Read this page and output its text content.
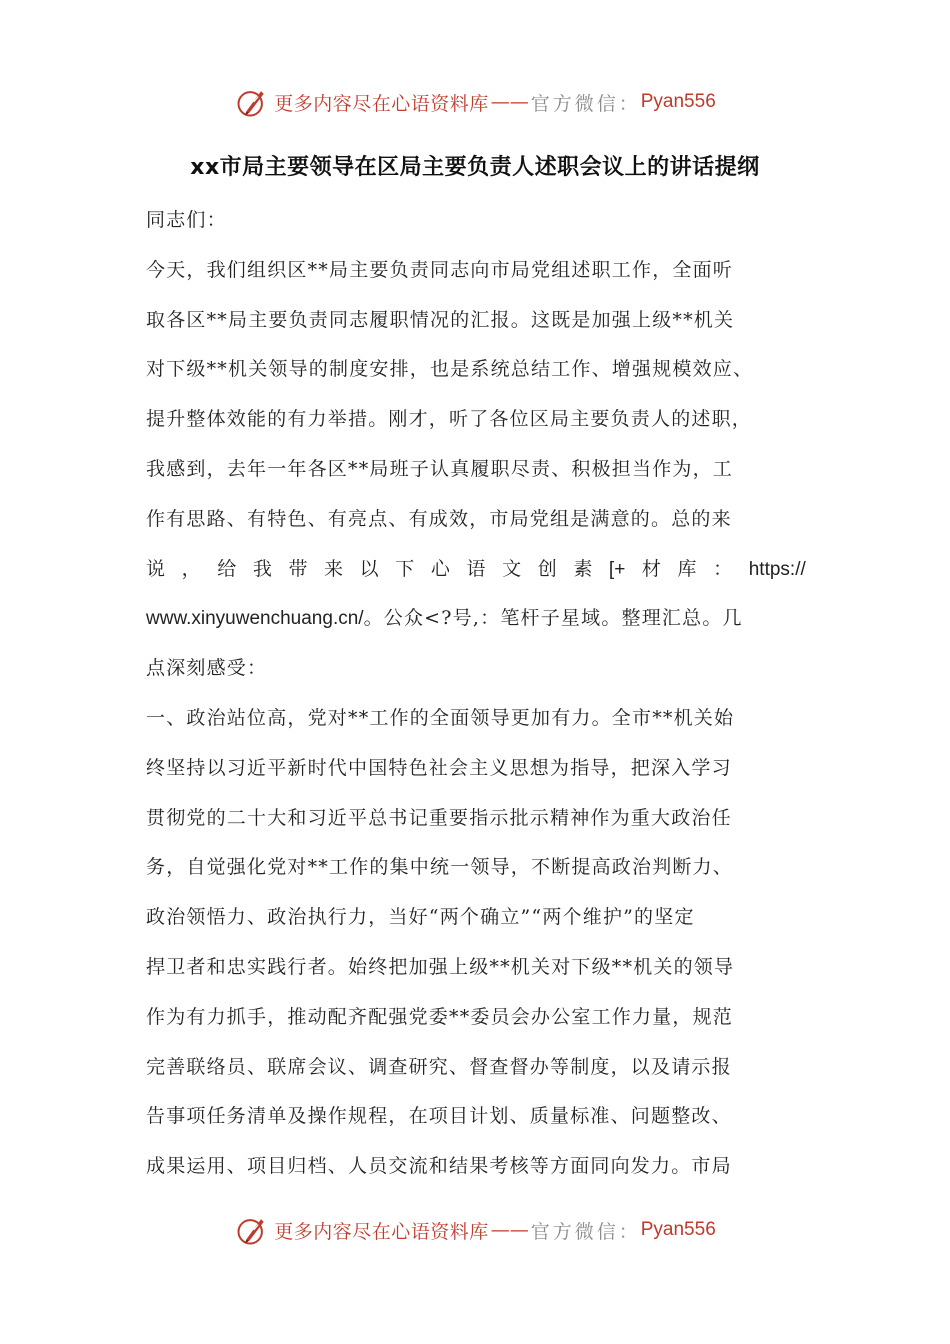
更多内容尽在心语资料库 —— 官方微信： Pyan556
xx市局主要领导在区局主要负责人述职会议上的讲话提纲
同志们：
今天，我们组织区**局主要负责同志向市局党组述职工作，全面听
取各区**局主要负责同志履职情况的汇报。这既是加强上级**机关
对下级**机关领导的制度安排，也是系统总结工作、增强规模效应、
提升整体效能的有力举措。刚才，听了各位区局主要负责人的述职，
我感到，去年一年各区**局班子认真履职尽责、积极担当作为，工
作有思路、有特色、有亮点、有成效，市局党组是满意的。总的来
说 ， 给 我 带 来 以 下 心 语 文 创 素 [+ 材 库 ： https://
www.xinyuwenchuang.cn/。公众<?号,：笔杆子星域。整理汇总。几
点深刻感受：
一、政治站位高，党对**工作的全面领导更加有力。全市**机关始
终坚持以习近平新时代中国特色社会主义思想为指导，把深入学习
贯彻党的二十大和习近平总书记重要指示批示精神作为重大政治任
务，自觉强化党对**工作的集中统一领导，不断提高政治判断力、
政治领悟力、政治执行力，当好“两个确立”“两个维护”的坚定
捍卫者和忠实践行者。始终把加强上级**机关对下级**机关的领导
作为有力抓手，推动配齐配强党委**委员会办公室工作力量，规范
完善联络员、联席会议、调查研究、督查督办等制度，以及请示报
告事项任务清单及操作规程，在项目计划、质量标准、问题整改、
成果运用、项目归档、人员交流和结果考核等方面同向发力。市局
更多内容尽在心语资料库 —— 官方微信： Pyan556
